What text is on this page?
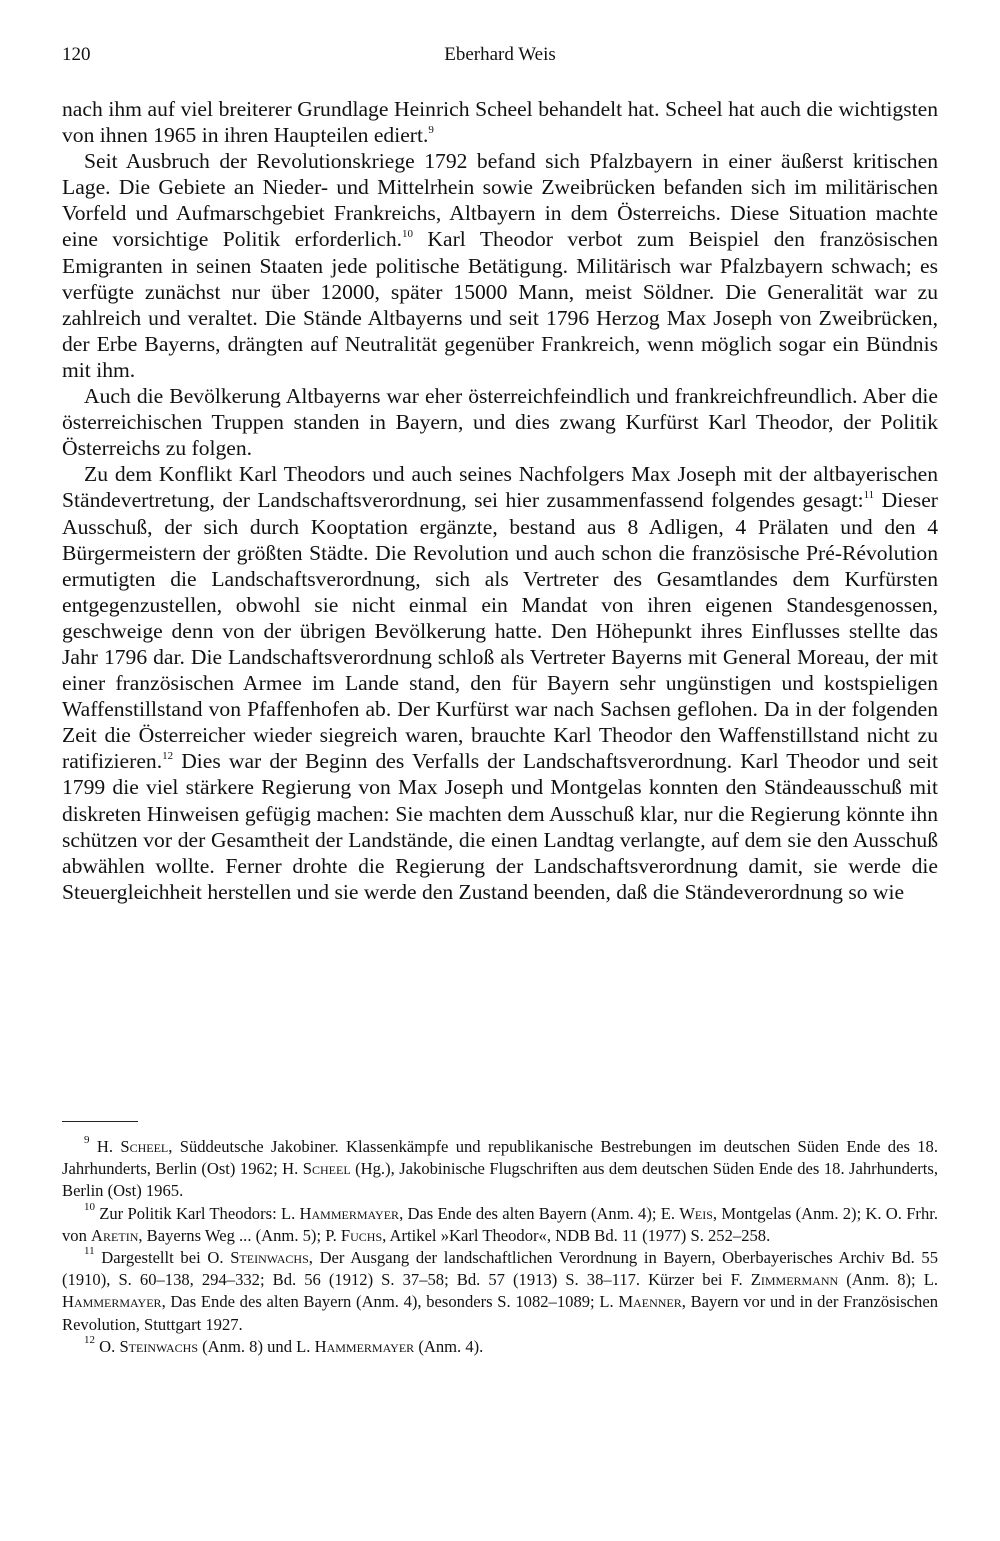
120	Eberhard Weis

nach ihm auf viel breiterer Grundlage Heinrich Scheel behandelt hat. Scheel hat auch die wichtigsten von ihnen 1965 in ihren Haupteilen ediert.$^9$

Seit Ausbruch der Revolutionskriege 1792 befand sich Pfalzbayern in einer äußerst kritischen Lage. Die Gebiete an Nieder- und Mittelrhein sowie Zweibrücken befanden sich im militärischen Vorfeld und Aufmarschgebiet Frankreichs, Altbayern in dem Österreichs. Diese Situation machte eine vorsichtige Politik erforderlich.$^{10}$ Karl Theodor verbot zum Beispiel den französischen Emigranten in seinen Staaten jede politische Betätigung. Militärisch war Pfalzbayern schwach; es verfügte zunächst nur über 12000, später 15000 Mann, meist Söldner. Die Generalität war zu zahlreich und veraltet. Die Stände Altbayerns und seit 1796 Herzog Max Joseph von Zweibrücken, der Erbe Bayerns, drängten auf Neutralität gegenüber Frankreich, wenn möglich sogar ein Bündnis mit ihm.

Auch die Bevölkerung Altbayerns war eher österreichfeindlich und frankreichfreundlich. Aber die österreichischen Truppen standen in Bayern, und dies zwang Kurfürst Karl Theodor, der Politik Österreichs zu folgen.

Zu dem Konflikt Karl Theodors und auch seines Nachfolgers Max Joseph mit der altbayerischen Ständevertretung, der Landschaftsverordnung, sei hier zusammenfassend folgendes gesagt:$^{11}$ Dieser Ausschuß, der sich durch Kooptation ergänzte, bestand aus 8 Adligen, 4 Prälaten und den 4 Bürgermeistern der größten Städte. Die Revolution und auch schon die französische Pré-Révolution ermutigten die Landschaftsverordnung, sich als Vertreter des Gesamtlandes dem Kurfürsten entgegenzustellen, obwohl sie nicht einmal ein Mandat von ihren eigenen Standesgenossen, geschweige denn von der übrigen Bevölkerung hatte. Den Höhepunkt ihres Einflusses stellte das Jahr 1796 dar. Die Landschaftsverordnung schloß als Vertreter Bayerns mit General Moreau, der mit einer französischen Armee im Lande stand, den für Bayern sehr ungünstigen und kostspieligen Waffenstillstand von Pfaffenhofen ab. Der Kurfürst war nach Sachsen geflohen. Da in der folgenden Zeit die Österreicher wieder siegreich waren, brauchte Karl Theodor den Waffenstillstand nicht zu ratifizieren.$^{12}$ Dies war der Beginn des Verfalls der Landschaftsverordnung. Karl Theodor und seit 1799 die viel stärkere Regierung von Max Joseph und Montgelas konnten den Ständeausschuß mit diskreten Hinweisen gefügig machen: Sie machten dem Ausschuß klar, nur die Regierung könnte ihn schützen vor der Gesamtheit der Landstände, die einen Landtag verlangte, auf dem sie den Ausschuß abwählen wollte. Ferner drohte die Regierung der Landschaftsverordnung damit, sie werde die Steuergleichheit herstellen und sie werde den Zustand beenden, daß die Ständeverordnung so wie

$^9$ H. Scheel, Süddeutsche Jakobiner. Klassenkämpfe und republikanische Bestrebungen im deutschen Süden Ende des 18. Jahrhunderts, Berlin (Ost) 1962; H. Scheel (Hg.), Jakobinische Flugschriften aus dem deutschen Süden Ende des 18. Jahrhunderts, Berlin (Ost) 1965.

$^{10}$ Zur Politik Karl Theodors: L. Hammermayer, Das Ende des alten Bayern (Anm. 4); E. Weis, Montgelas (Anm. 2); K. O. Frhr. von Aretin, Bayerns Weg ... (Anm. 5); P. Fuchs, Artikel »Karl Theodor«, NDB Bd. 11 (1977) S. 252–258.

$^{11}$ Dargestellt bei O. Steinwachs, Der Ausgang der landschaftlichen Verordnung in Bayern, Oberbayerisches Archiv Bd. 55 (1910), S. 60–138, 294–332; Bd. 56 (1912) S. 37–58; Bd. 57 (1913) S. 38–117. Kürzer bei F. Zimmermann (Anm. 8); L. Hammermayer, Das Ende des alten Bayern (Anm. 4), besonders S. 1082–1089; L. Maenner, Bayern vor und in der Französischen Revolution, Stuttgart 1927.

$^{12}$ O. Steinwachs (Anm. 8) und L. Hammermayer (Anm. 4).
